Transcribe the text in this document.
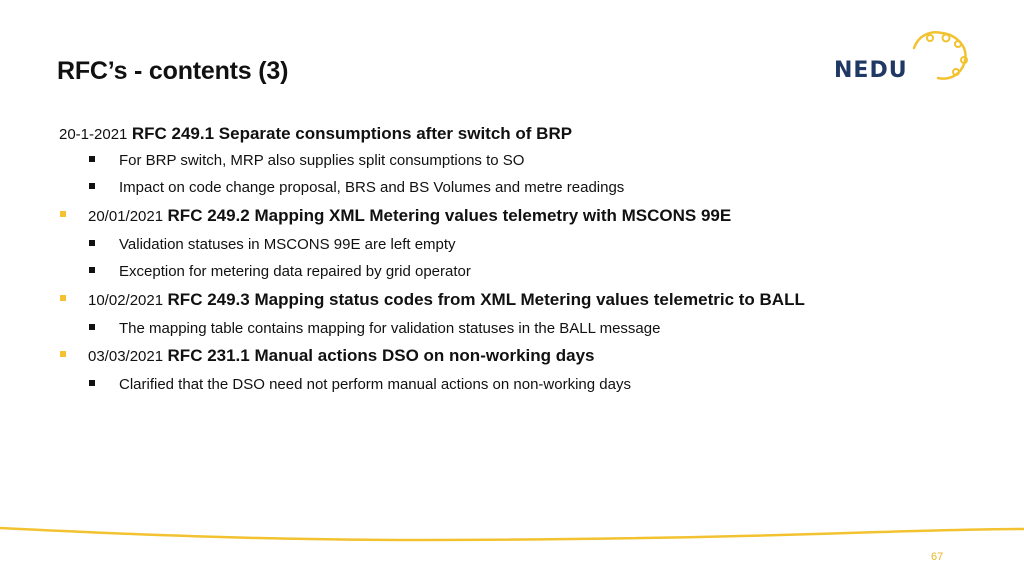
RFC’s - contents (3)	NEDU
20-1-2021 RFC 249.1 Separate consumptions after switch of BRP
For BRP switch, MRP also supplies split consumptions to SO
Impact on code change proposal, BRS and BS Volumes and metre readings
20/01/2021 RFC 249.2 Mapping XML Metering values telemetry with MSCONS 99E
Validation statuses in MSCONS 99E are left empty
Exception for metering data repaired by grid operator
10/02/2021 RFC 249.3 Mapping status codes from XML Metering values telemetric to BALL
The mapping table contains mapping for validation statuses in the BALL message
03/03/2021 RFC 231.1 Manual actions DSO on non-working days
Clarified that the DSO need not perform manual actions on non-working days
67
